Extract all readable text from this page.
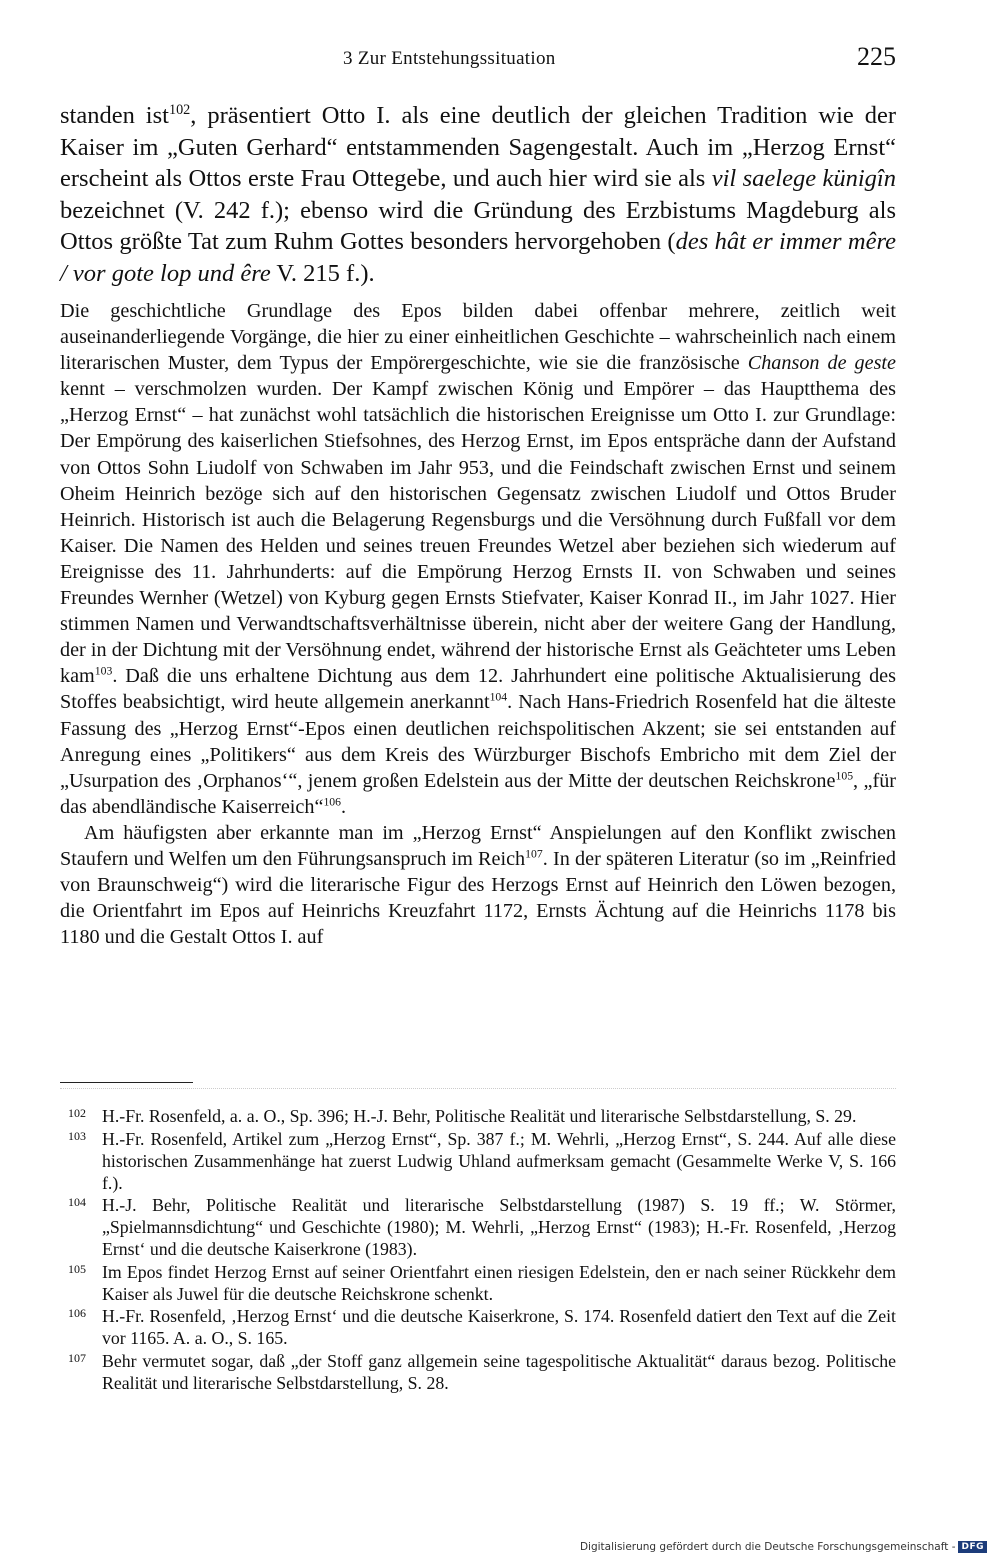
3 Zur Entstehungssituation	225
standen ist$^{102}$, präsentiert Otto I. als eine deutlich der gleichen Tradition wie der Kaiser im „Guten Gerhard“ entstammenden Sagengestalt. Auch im „Herzog Ernst“ erscheint als Ottos erste Frau Ottegebe, und auch hier wird sie als vil saelege künigîn bezeichnet (V. 242 f.); ebenso wird die Gründung des Erzbistums Magdeburg als Ottos größte Tat zum Ruhm Gottes besonders hervorgehoben (des hât er immer mêre / vor gote lop und êre V. 215 f.).

Die geschichtliche Grundlage des Epos bilden dabei offenbar mehrere, zeitlich weit auseinanderliegende Vorgänge, die hier zu einer einheitlichen Geschichte – wahrscheinlich nach einem literarischen Muster, dem Typus der Empörergeschichte, wie sie die französische Chanson de geste kennt – verschmolzen wurden. Der Kampf zwischen König und Empörer – das Hauptthema des „Herzog Ernst“ – hat zunächst wohl tatsächlich die historischen Ereignisse um Otto I. zur Grundlage: Der Empörung des kaiserlichen Stiefsohnes, des Herzog Ernst, im Epos entspräche dann der Aufstand von Ottos Sohn Liudolf von Schwaben im Jahr 953, und die Feindschaft zwischen Ernst und seinem Oheim Heinrich bezöge sich auf den historischen Gegensatz zwischen Liudolf und Ottos Bruder Heinrich. Historisch ist auch die Belagerung Regensburgs und die Versöhnung durch Fußfall vor dem Kaiser. Die Namen des Helden und seines treuen Freundes Wetzel aber beziehen sich wiederum auf Ereignisse des 11. Jahrhunderts: auf die Empörung Herzog Ernsts II. von Schwaben und seines Freundes Wernher (Wetzel) von Kyburg gegen Ernsts Stiefvater, Kaiser Konrad II., im Jahr 1027. Hier stimmen Namen und Verwandtschaftsverhältnisse überein, nicht aber der weitere Gang der Handlung, der in der Dichtung mit der Versöhnung endet, während der historische Ernst als Geächteter ums Leben kam$^{103}$. Daß die uns erhaltene Dichtung aus dem 12. Jahrhundert eine politische Aktualisierung des Stoffes beabsichtigt, wird heute allgemein anerkannt$^{104}$. Nach Hans-Friedrich Rosenfeld hat die älteste Fassung des „Herzog Ernst“-Epos einen deutlichen reichspolitischen Akzent; sie sei entstanden auf Anregung eines „Politikers“ aus dem Kreis des Würzburger Bischofs Embricho mit dem Ziel der „Usurpation des ‚Orphanos‘“, jenem großen Edelstein aus der Mitte der deutschen Reichskrone$^{105}$, „für das abendländische Kaiserreich“$^{106}$.

Am häufigsten aber erkannte man im „Herzog Ernst“ Anspielungen auf den Konflikt zwischen Staufern und Welfen um den Führungsanspruch im Reich$^{107}$. In der späteren Literatur (so im „Reinfried von Braunschweig“) wird die literarische Figur des Herzogs Ernst auf Heinrich den Löwen bezogen, die Orientfahrt im Epos auf Heinrichs Kreuzfahrt 1172, Ernsts Ächtung auf die Heinrichs 1178 bis 1180 und die Gestalt Ottos I. auf

102 H.-Fr. Rosenfeld, a. a. O., Sp. 396; H.-J. Behr, Politische Realität und literarische Selbstdarstellung, S. 29.
103 H.-Fr. Rosenfeld, Artikel zum „Herzog Ernst“, Sp. 387 f.; M. Wehrli, „Herzog Ernst“, S. 244. Auf alle diese historischen Zusammenhänge hat zuerst Ludwig Uhland aufmerksam gemacht (Gesammelte Werke V, S. 166 f.).
104 H.-J. Behr, Politische Realität und literarische Selbstdarstellung (1987) S. 19 ff.; W. Störmer, „Spielmannsdichtung“ und Geschichte (1980); M. Wehrli, „Herzog Ernst“ (1983); H.-Fr. Rosenfeld, ‚Herzog Ernst‘ und die deutsche Kaiserkrone (1983).
105 Im Epos findet Herzog Ernst auf seiner Orientfahrt einen riesigen Edelstein, den er nach seiner Rückkehr dem Kaiser als Juwel für die deutsche Reichskrone schenkt.
106 H.-Fr. Rosenfeld, ‚Herzog Ernst‘ und die deutsche Kaiserkrone, S. 174. Rosenfeld datiert den Text auf die Zeit vor 1165. A. a. O., S. 165.
107 Behr vermutet sogar, daß „der Stoff ganz allgemein seine tagespolitische Aktualität“ daraus bezog. Politische Realität und literarische Selbstdarstellung, S. 28.
Digitalisierung gefördert durch die Deutsche Forschungsgemeinschaft - DFG
